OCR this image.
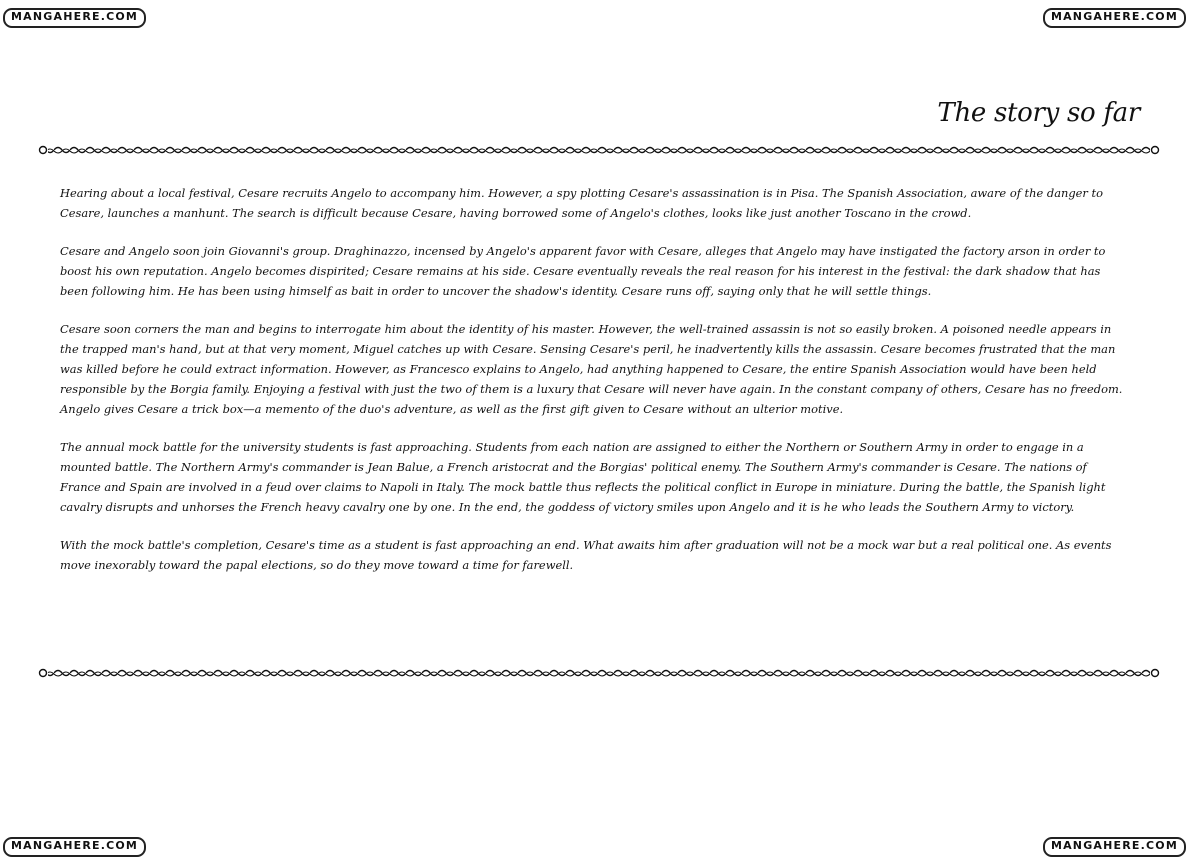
MANGAHERE.COM	MANGAHERE.COM
The story so far

Hearing about a local festival, Cesare recruits Angelo to accompany him. However, a spy plotting Cesare's assassination is in Pisa. The Spanish Association, aware of the danger to Cesare, launches a manhunt. The search is difficult because Cesare, having borrowed some of Angelo's clothes, looks like just another Toscano in the crowd.

Cesare and Angelo soon join Giovanni's group. Draghinazzo, incensed by Angelo's apparent favor with Cesare, alleges that Angelo may have instigated the factory arson in order to boost his own reputation. Angelo becomes dispirited; Cesare remains at his side. Cesare eventually reveals the real reason for his interest in the festival: the dark shadow that has been following him. He has been using himself as bait in order to uncover the shadow's identity. Cesare runs off, saying only that he will settle things.

Cesare soon corners the man and begins to interrogate him about the identity of his master. However, the well-trained assassin is not so easily broken. A poisoned needle appears in the trapped man's hand, but at that very moment, Miguel catches up with Cesare. Sensing Cesare's peril, he inadvertently kills the assassin. Cesare becomes frustrated that the man was killed before he could extract information. However, as Francesco explains to Angelo, had anything happened to Cesare, the entire Spanish Association would have been held responsible by the Borgia family. Enjoying a festival with just the two of them is a luxury that Cesare will never have again. In the constant company of others, Cesare has no freedom. Angelo gives Cesare a trick box—a memento of the duo's adventure, as well as the first gift given to Cesare without an ulterior motive.

The annual mock battle for the university students is fast approaching. Students from each nation are assigned to either the Northern or Southern Army in order to engage in a mounted battle. The Northern Army's commander is Jean Balue, a French aristocrat and the Borgias' political enemy. The Southern Army's commander is Cesare. The nations of France and Spain are involved in a feud over claims to Napoli in Italy. The mock battle thus reflects the political conflict in Europe in miniature. During the battle, the Spanish light cavalry disrupts and unhorses the French heavy cavalry one by one. In the end, the goddess of victory smiles upon Angelo and it is he who leads the Southern Army to victory.

With the mock battle's completion, Cesare's time as a student is fast approaching an end. What awaits him after graduation will not be a mock war but a real political one. As events move inexorably toward the papal elections, so do they move toward a time for farewell.

MANGAHERE.COM	MANGAHERE.COM
